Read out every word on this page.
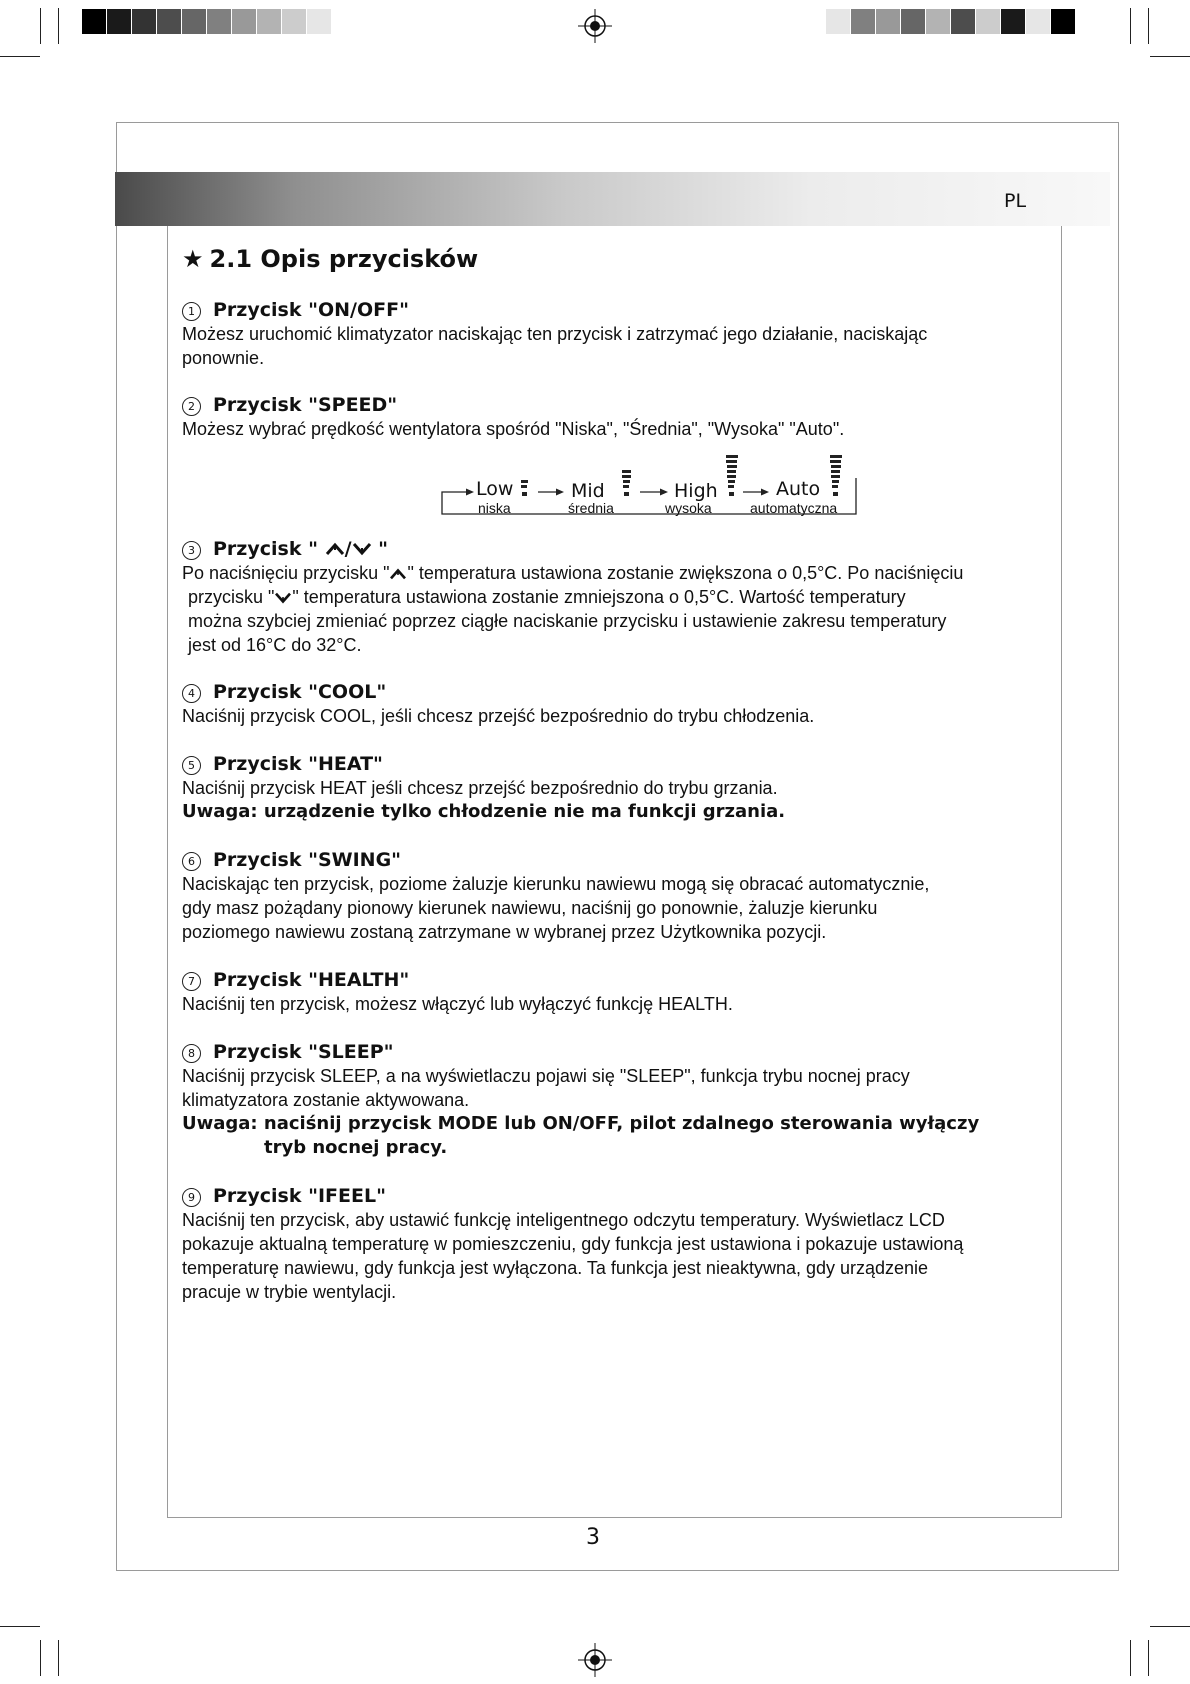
PL
★ 2.1 Opis przycisków
1 Przycisk "ON/OFF"
Możesz uruchomić klimatyzator naciskając ten przycisk i zatrzymać jego działanie, naciskając
ponownie.
2 Przycisk "SPEED"
Możesz wybrać prędkość wentylatora spośród "Niska", "Średnia", "Wysoka" "Auto".
Low
niska
Mid
średnia
High
wysoka
Auto
automatyczna
3 Przycisk " / "
Po naciśnięciu przycisku " " temperatura ustawiona zostanie zwiększona o 0,5°C. Po naciśnięciu
przycisku " " temperatura ustawiona zostanie zmniejszona o 0,5°C. Wartość temperatury
można szybciej zmieniać poprzez ciągłe naciskanie przycisku i ustawienie zakresu temperatury
jest od 16°C do 32°C.
4 Przycisk "COOL"
Naciśnij przycisk COOL, jeśli chcesz przejść bezpośrednio do trybu chłodzenia.
5 Przycisk "HEAT"
Naciśnij przycisk HEAT jeśli chcesz przejść bezpośrednio do trybu grzania.
Uwaga: urządzenie tylko chłodzenie nie ma funkcji grzania.
6 Przycisk "SWING"
Naciskając ten przycisk, poziome żaluzje kierunku nawiewu mogą się obracać automatycznie,
gdy masz pożądany pionowy kierunek nawiewu, naciśnij go ponownie, żaluzje kierunku
poziomego nawiewu zostaną zatrzymane w wybranej przez Użytkownika pozycji.
7 Przycisk "HEALTH"
Naciśnij ten przycisk, możesz włączyć lub wyłączyć funkcję HEALTH.
8 Przycisk "SLEEP"
Naciśnij przycisk SLEEP, a na wyświetlaczu pojawi się "SLEEP", funkcja trybu nocnej pracy
klimatyzatora zostanie aktywowana.
Uwaga: naciśnij przycisk MODE lub ON/OFF, pilot zdalnego sterowania wyłączy
tryb nocnej pracy.
9 Przycisk "IFEEL"
Naciśnij ten przycisk, aby ustawić funkcję inteligentnego odczytu temperatury. Wyświetlacz LCD
pokazuje aktualną temperaturę w pomieszczeniu, gdy funkcja jest ustawiona i pokazuje ustawioną
temperaturę nawiewu, gdy funkcja jest wyłączona. Ta funkcja jest nieaktywna, gdy urządzenie
pracuje w trybie wentylacji.
3
